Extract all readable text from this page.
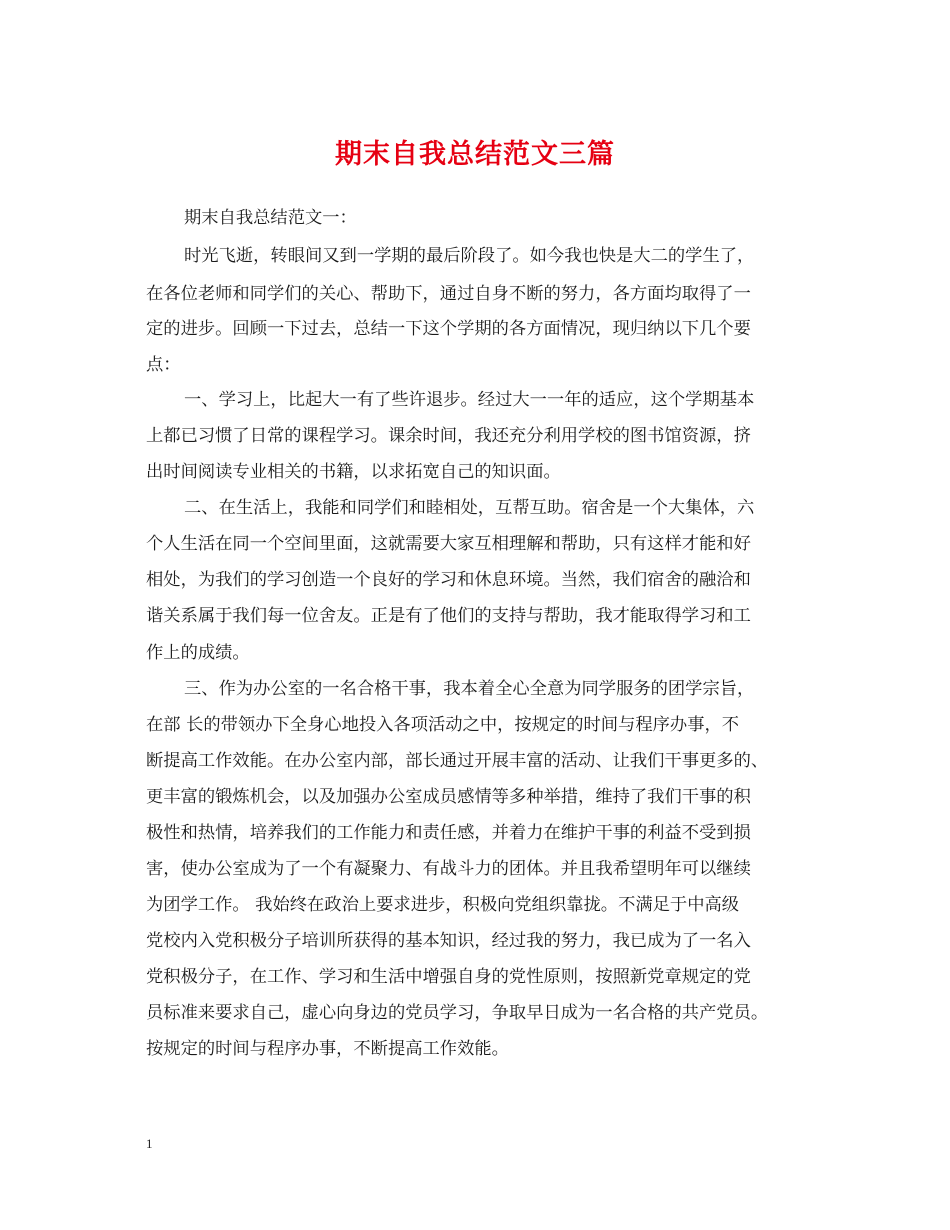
期末自我总结范文三篇

期末自我总结范文一：

时光飞逝，转眼间又到一学期的最后阶段了。如今我也快是大二的学生了，

在各位老师和同学们的关心、帮助下，通过自身不断的努力，各方面均取得了一

定的进步。回顾一下过去，总结一下这个学期的各方面情况，现归纳以下几个要

点：

一、学习上，比起大一有了些许退步。经过大一一年的适应，这个学期基本

上都已习惯了日常的课程学习。课余时间，我还充分利用学校的图书馆资源，挤

出时间阅读专业相关的书籍，以求拓宽自己的知识面。

二、在生活上，我能和同学们和睦相处，互帮互助。宿舍是一个大集体，六

个人生活在同一个空间里面，这就需要大家互相理解和帮助，只有这样才能和好

相处，为我们的学习创造一个良好的学习和休息环境。当然，我们宿舍的融洽和

谐关系属于我们每一位舍友。正是有了他们的支持与帮助，我才能取得学习和工

作上的成绩。

三、作为办公室的一名合格干事，我本着全心全意为同学服务的团学宗旨，

在部 长的带领办下全身心地投入各项活动之中，按规定的时间与程序办事，不

断提高工作效能。在办公室内部，部长通过开展丰富的活动、让我们干事更多的、

更丰富的锻炼机会，以及加强办公室成员感情等多种举措，维持了我们干事的积

极性和热情，培养我们的工作能力和责任感，并着力在维护干事的利益不受到损

害，使办公室成为了一个有凝聚力、有战斗力的团体。并且我希望明年可以继续

为团学工作。 我始终在政治上要求进步，积极向党组织靠拢。不满足于中高级

党校内入党积极分子培训所获得的基本知识，经过我的努力，我已成为了一名入

党积极分子，在工作、学习和生活中增强自身的党性原则，按照新党章规定的党

员标准来要求自己，虚心向身边的党员学习，争取早日成为一名合格的共产党员。

按规定的时间与程序办事，不断提高工作效能。

1
